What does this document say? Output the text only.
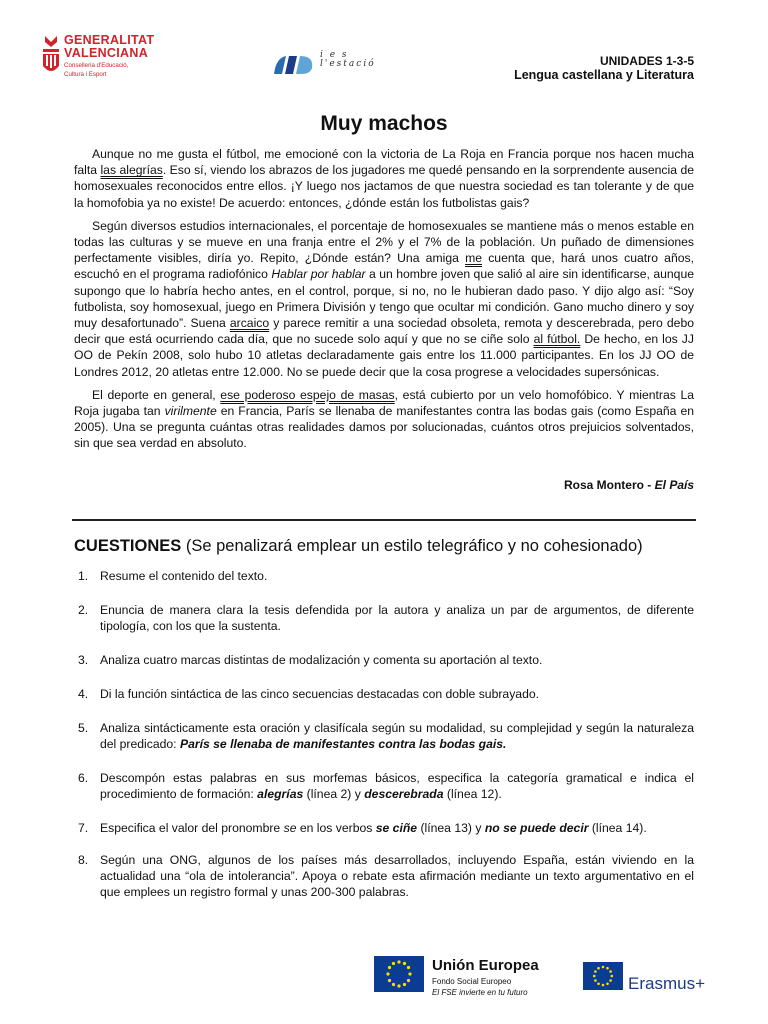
GENERALITAT
VALENCIANA
Conselleria d'Educació,
Cultura i Esport
i e s
l'estació	UNIDADES 1-3-5
Lengua castellana y Literatura
Muy machos

Aunque no me gusta el fútbol, me emocioné con la victoria de La Roja en Francia porque nos hacen mucha falta las alegrías. Eso sí, viendo los abrazos de los jugadores me quedé pensando en la sorprendente ausencia de homosexuales reconocidos entre ellos. ¡Y luego nos jactamos de que nuestra sociedad es tan tolerante y de que la homofobia ya no existe! De acuerdo: entonces, ¿dónde están los futbolistas gais?

Según diversos estudios internacionales, el porcentaje de homosexuales se mantiene más o menos estable en todas las culturas y se mueve en una franja entre el 2% y el 7% de la población. Un puñado de dimensiones perfectamente visibles, diría yo. Repito, ¿Dónde están? Una amiga me cuenta que, hará unos cuatro años, escuchó en el programa radiofónico Hablar por hablar a un hombre joven que salió al aire sin identificarse, aunque supongo que lo habría hecho antes, en el control, porque, si no, no le hubieran dado paso. Y dijo algo así: “Soy futbolista, soy homosexual, juego en Primera División y tengo que ocultar mi condición. Gano mucho dinero y soy muy desafortunado”. Suena arcaico y parece remitir a una sociedad obsoleta, remota y descerebrada, pero debo decir que está ocurriendo cada día, que no sucede solo aquí y que no se ciñe solo al fútbol. De hecho, en los JJ OO de Pekín 2008, solo hubo 10 atletas declaradamente gais entre los 11.000 participantes. En los JJ OO de Londres 2012, 20 atletas entre 12.000. No se puede decir que la cosa progrese a velocidades supersónicas.

El deporte en general, ese poderoso espejo de masas, está cubierto por un velo homofóbico. Y mientras La Roja jugaba tan virilmente en Francia, París se llenaba de manifestantes contra las bodas gais (como España en 2005). Una se pregunta cuántas otras realidades damos por solucionadas, cuántos otros prejuicios solventados, sin que sea verdad en absoluto.

Rosa Montero - El País
CUESTIONES (Se penalizará emplear un estilo telegráfico y no cohesionado)
1. Resume el contenido del texto.
2. Enuncia de manera clara la tesis defendida por la autora y analiza un par de argumentos, de diferente tipología, con los que la sustenta.
3. Analiza cuatro marcas distintas de modalización y comenta su aportación al texto.
4. Di la función sintáctica de las cinco secuencias destacadas con doble subrayado.
5. Analiza sintácticamente esta oración y clasifícala según su modalidad, su complejidad y según la naturaleza del predicado: París se llenaba de manifestantes contra las bodas gais.
6. Descompón estas palabras en sus morfemas básicos, especifica la categoría gramatical e indica el procedimiento de formación: alegrías (línea 2) y descerebrada (línea 12).
7. Especifica el valor del pronombre se en los verbos se ciñe (línea 13) y no se puede decir (línea 14).
8. Según una ONG, algunos de los países más desarrollados, incluyendo España, están viviendo en la actualidad una “ola de intolerancia”. Apoya o rebate esta afirmación mediante un texto argumentativo en el que emplees un registro formal y unas 200-300 palabras.
Unión Europea
Fondo Social Europeo
El FSE invierte en tu futuro	Erasmus+
